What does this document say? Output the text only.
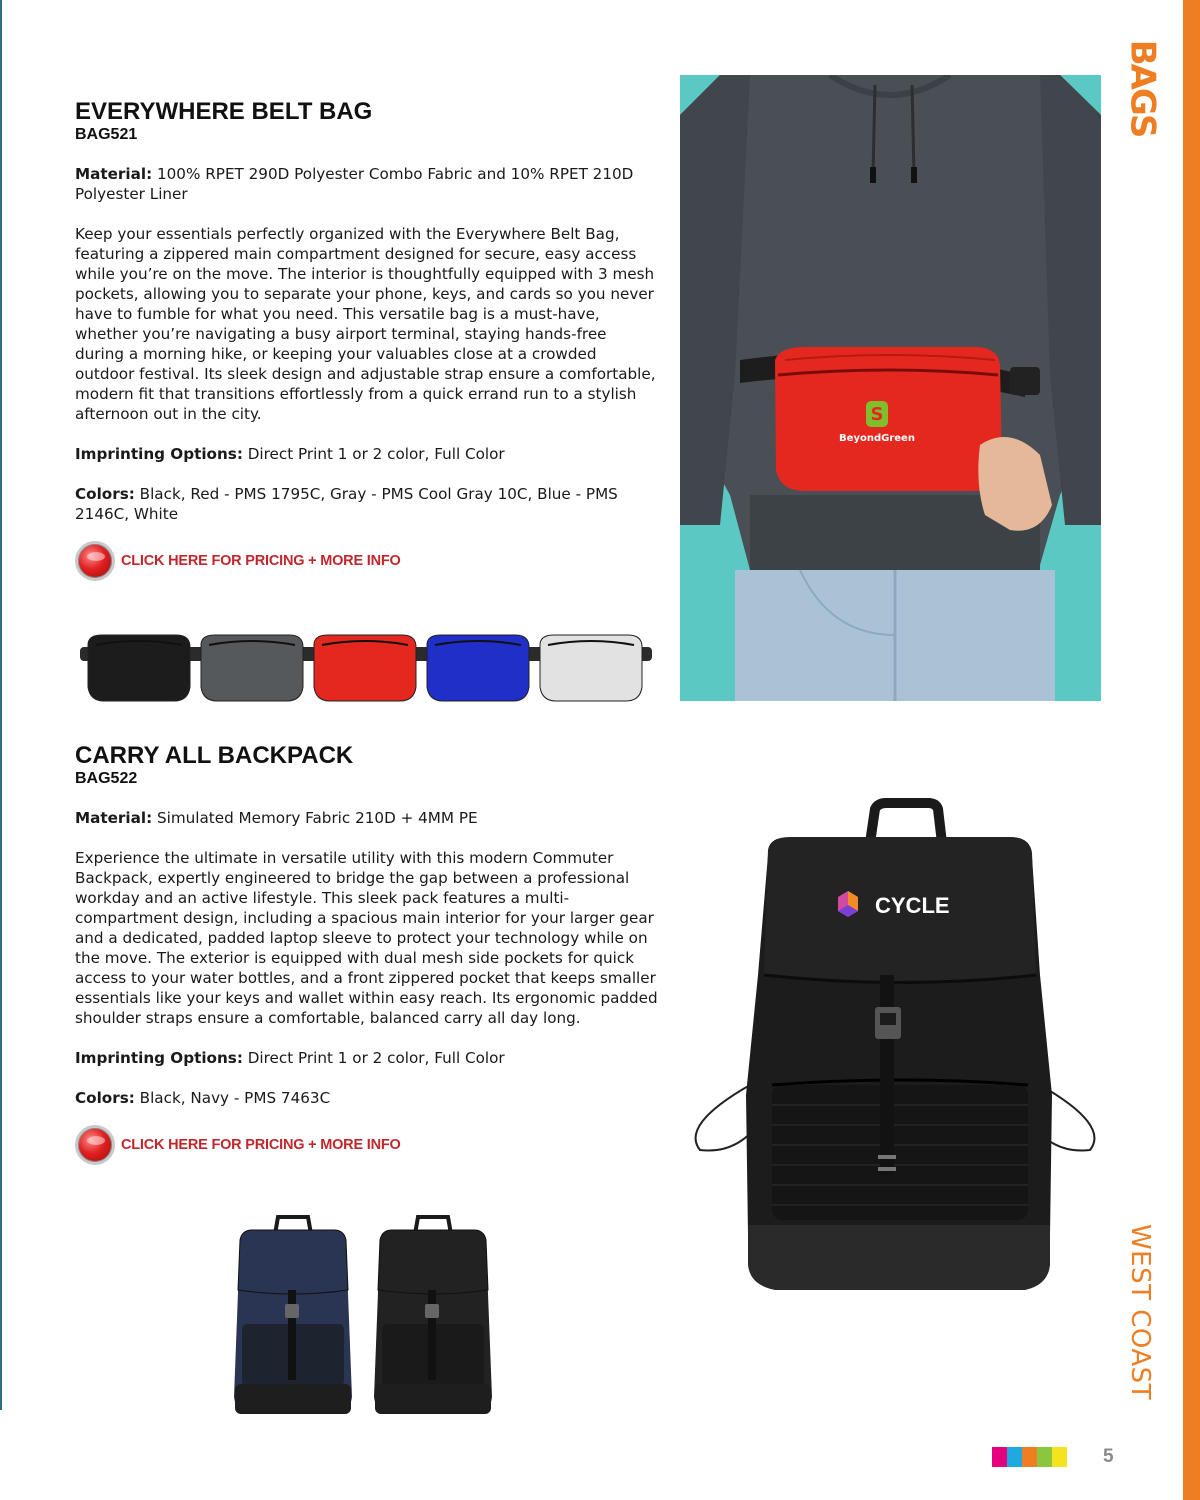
BAGS
WEST COAST
EVERYWHERE BELT BAG
BAG521

Material: 100% RPET 290D Polyester Combo Fabric and 10% RPET 210D Polyester Liner

Keep your essentials perfectly organized with the Everywhere Belt Bag, featuring a zippered main compartment designed for secure, easy access while you’re on the move. The interior is thoughtfully equipped with 3 mesh pockets, allowing you to separate your phone, keys, and cards so you never have to fumble for what you need. This versatile bag is a must-have, whether you’re navigating a busy airport terminal, staying hands-free during a morning hike, or keeping your valuables close at a crowded outdoor festival. Its sleek design and adjustable strap ensure a comfortable, modern fit that transitions effortlessly from a quick errand run to a stylish afternoon out in the city.

Imprinting Options: Direct Print 1 or 2 color, Full Color

Colors: Black, Red - PMS 1795C, Gray - PMS Cool Gray 10C, Blue - PMS 2146C, White

CLICK HERE FOR PRICING + MORE INFO
S
BeyondGreen
CARRY ALL BACKPACK
BAG522

Material: Simulated Memory Fabric 210D + 4MM PE

Experience the ultimate in versatile utility with this modern Commuter Backpack, expertly engineered to bridge the gap between a professional workday and an active lifestyle. This sleek pack features a multi-compartment design, including a spacious main interior for your larger gear and a dedicated, padded laptop sleeve to protect your technology while on the move. The exterior is equipped with dual mesh side pockets for quick access to your water bottles, and a front zippered pocket that keeps smaller essentials like your keys and wallet within easy reach. Its ergonomic padded shoulder straps ensure a comfortable, balanced carry all day long.

Imprinting Options: Direct Print 1 or 2 color, Full Color

Colors: Black, Navy - PMS 7463C

CLICK HERE FOR PRICING + MORE INFO
CYCLE
5
